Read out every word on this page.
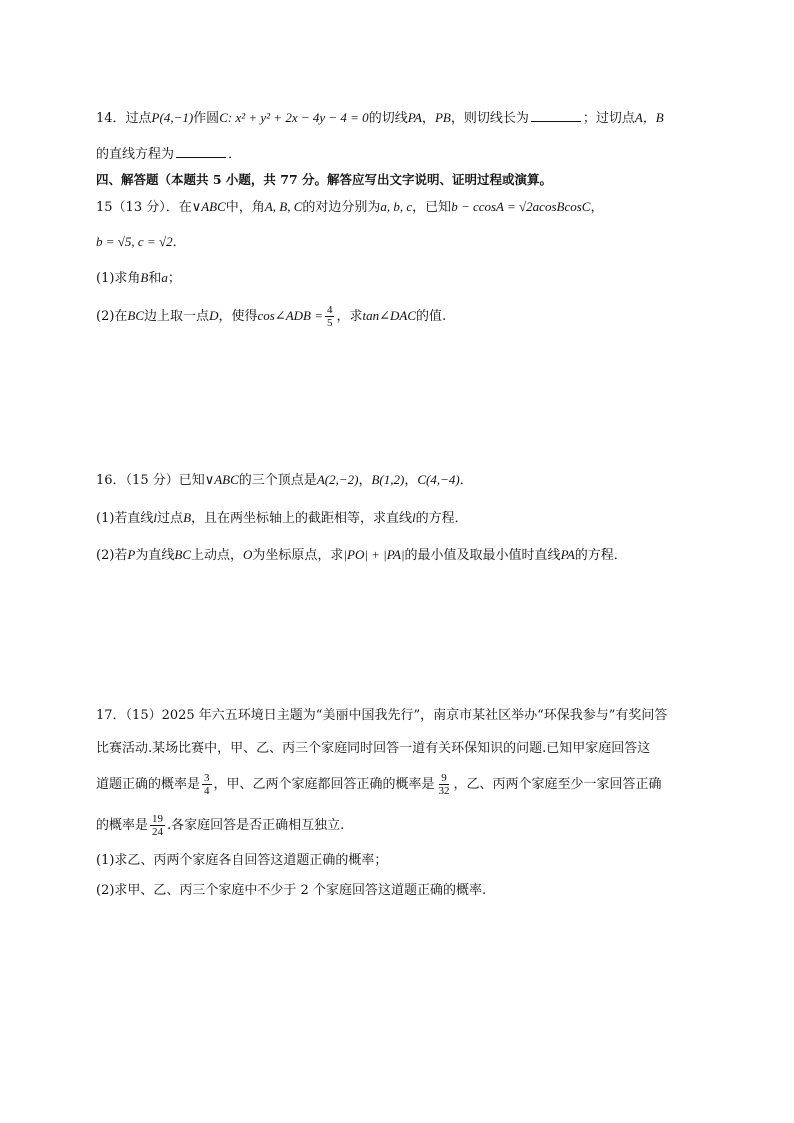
14．过点P(4,−1)作圆C: x² + y² + 2x − 4y − 4 = 0的切线PA，PB，则切线长为	；过切点A，B
的直线方程为	．
四、解答题（本题共 5 小题，共 77 分。解答应写出文字说明、证明过程或演算。
15（13 分）．在∨ABC中，角A, B, C的对边分别为a, b, c，已知b − ccosA = √2acosBcosC，
b = √5, c = √2．
(1)求角B和a；
(2)在BC边上取一点D，使得cos∠ADB = $\frac{4}{5}$ ，求tan∠DAC的值.
16．（15 分）已知∨ABC的三个顶点是A(2,−2)，B(1,2)，C(4,−4)．
(1)若直线l过点B，且在两坐标轴上的截距相等，求直线l的方程．
(2)若P为直线BC上动点，O为坐标原点，求|PO| + |PA|的最小值及取最小值时直线PA的方程．
17．（15）2025 年六五环境日主题为“美丽中国我先行”，南京市某社区举办“环保我参与”有奖问答
比赛活动.某场比赛中，甲、乙、丙三个家庭同时回答一道有关环保知识的问题.已知甲家庭回答这
道题正确的概率是 $\frac{3}{4}$ ，甲、乙两个家庭都回答正确的概率是 $\frac{9}{32}$ ，乙、丙两个家庭至少一家回答正确
的概率是 $\frac{19}{24}$ .各家庭回答是否正确相互独立.
(1)求乙、丙两个家庭各自回答这道题正确的概率；
(2)求甲、乙、丙三个家庭中不少于 2 个家庭回答这道题正确的概率.
